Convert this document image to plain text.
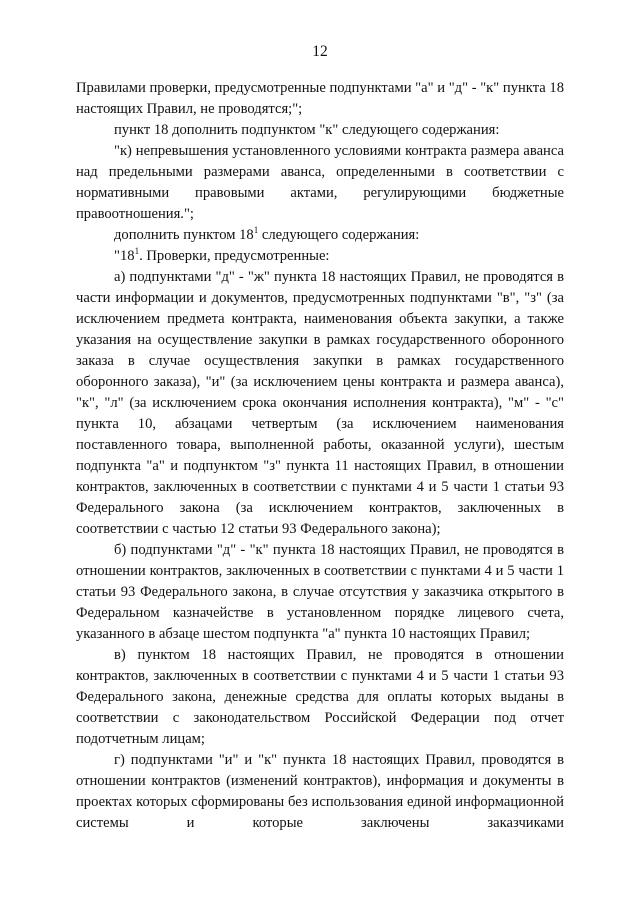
12

Правилами проверки, предусмотренные подпунктами "а" и "д" - "к" пункта 18 настоящих Правил, не проводятся;";

пункт 18 дополнить подпунктом "к" следующего содержания:

"к) непревышения установленного условиями контракта размера аванса над предельными размерами аванса, определенными в соответствии с нормативными правовыми актами, регулирующими бюджетные правоотношения.";

дополнить пунктом $18^1$ следующего содержания:

"$18^1$. Проверки, предусмотренные:

а) подпунктами "д" - "ж" пункта 18 настоящих Правил, не проводятся в части информации и документов, предусмотренных подпунктами "в", "з" (за исключением предмета контракта, наименования объекта закупки, а также указания на осуществление закупки в рамках государственного оборонного заказа в случае осуществления закупки в рамках государственного оборонного заказа), "и" (за исключением цены контракта и размера аванса), "к", "л" (за исключением срока окончания исполнения контракта), "м" - "с" пункта 10, абзацами четвертым (за исключением наименования поставленного товара, выполненной работы, оказанной услуги), шестым подпункта "а" и подпунктом "з" пункта 11 настоящих Правил, в отношении контрактов, заключенных в соответствии с пунктами 4 и 5 части 1 статьи 93 Федерального закона (за исключением контрактов, заключенных в соответствии с частью 12 статьи 93 Федерального закона);

б) подпунктами "д" - "к" пункта 18 настоящих Правил, не проводятся в отношении контрактов, заключенных в соответствии с пунктами 4 и 5 части 1 статьи 93 Федерального закона, в случае отсутствия у заказчика открытого в Федеральном казначействе в установленном порядке лицевого счета, указанного в абзаце шестом подпункта "а" пункта 10 настоящих Правил;

в) пунктом 18 настоящих Правил, не проводятся в отношении контрактов, заключенных в соответствии с пунктами 4 и 5 части 1 статьи 93 Федерального закона, денежные средства для оплаты которых выданы в соответствии с законодательством Российской Федерации под отчет подотчетным лицам;

г) подпунктами "и" и "к" пункта 18 настоящих Правил, проводятся в отношении контрактов (изменений контрактов), информация и документы в проектах которых сформированы без использования единой информационной системы и которые заключены заказчиками
